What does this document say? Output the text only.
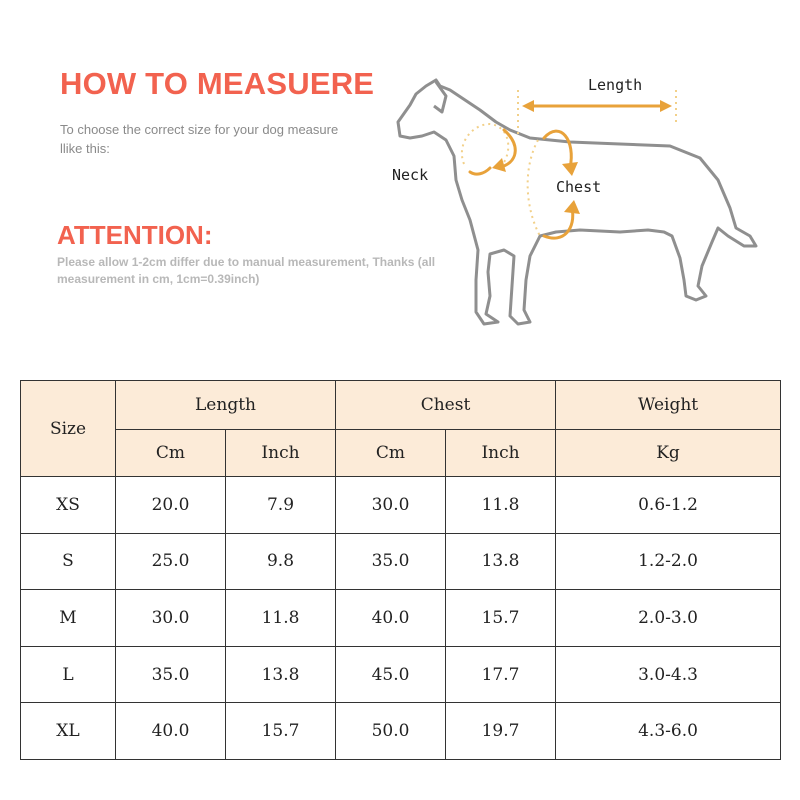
HOW TO MEASUERE
To choose the correct size for your dog measure llike this:
ATTENTION:
Please allow 1-2cm differ due to manual measurement, Thanks (all measurement in cm, 1cm=0.39inch)
Length
Neck
Chest
Size	Length		Chest		Weight
	Cm	Inch	Cm	Inch	Kg
XS	20.0	7.9	30.0	11.8	0.6-1.2
S	25.0	9.8	35.0	13.8	1.2-2.0
M	30.0	11.8	40.0	15.7	2.0-3.0
L	35.0	13.8	45.0	17.7	3.0-4.3
XL	40.0	15.7	50.0	19.7	4.3-6.0
